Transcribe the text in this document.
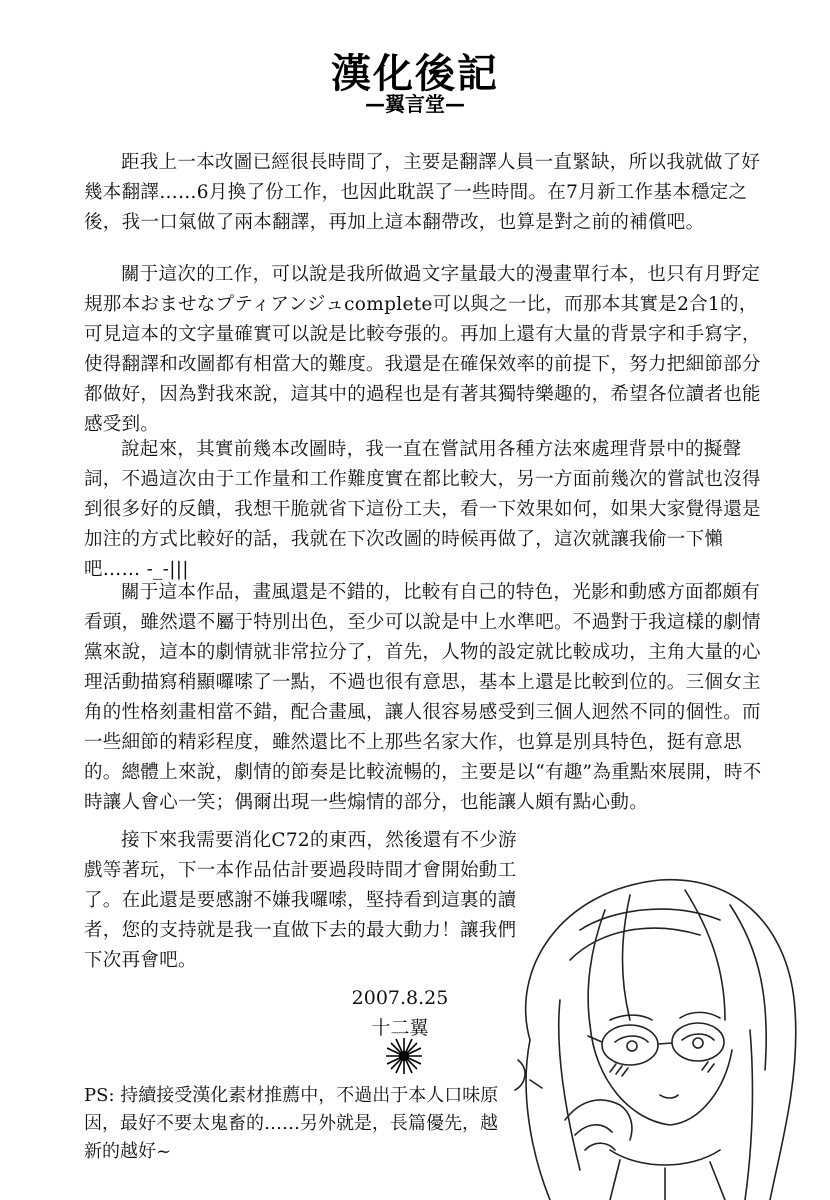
漢化後記
—翼言堂—

距我上一本改圖已經很長時間了，主要是翻譯人員一直緊缺，所以我就做了好幾本翻譯……6月換了份工作，也因此耽誤了一些時間。在7月新工作基本穩定之後，我一口氣做了兩本翻譯，再加上這本翻帶改，也算是對之前的補償吧。

關于這次的工作，可以說是我所做過文字量最大的漫畫單行本，也只有月野定規那本おませなプティアンジュcomplete可以與之一比，而那本其實是2合1的，可見這本的文字量確實可以說是比較夸張的。再加上還有大量的背景字和手寫字，使得翻譯和改圖都有相當大的難度。我還是在確保效率的前提下，努力把細節部分都做好，因為對我來說，這其中的過程也是有著其獨特樂趣的，希望各位讀者也能感受到。

說起來，其實前幾本改圖時，我一直在嘗試用各種方法來處理背景中的擬聲詞，不過這次由于工作量和工作難度實在都比較大，另一方面前幾次的嘗試也沒得到很多好的反饋，我想干脆就省下這份工夫，看一下效果如何，如果大家覺得還是加注的方式比較好的話，我就在下次改圖的時候再做了，這次就讓我偷一下懶吧…… -_-|||

關于這本作品，畫風還是不錯的，比較有自己的特色，光影和動感方面都頗有看頭，雖然還不屬于特別出色，至少可以說是中上水準吧。不過對于我這樣的劇情黨來說，這本的劇情就非常拉分了，首先，人物的設定就比較成功，主角大量的心理活動描寫稍顯囉嗦了一點，不過也很有意思，基本上還是比較到位的。三個女主角的性格刻畫相當不錯，配合畫風，讓人很容易感受到三個人迥然不同的個性。而一些細節的精彩程度，雖然還比不上那些名家大作，也算是別具特色，挺有意思的。總體上來說，劇情的節奏是比較流暢的，主要是以“有趣”為重點來展開，時不時讓人會心一笑；偶爾出現一些煽情的部分，也能讓人頗有點心動。

接下來我需要消化C72的東西，然後還有不少游戲等著玩，下一本作品估計要過段時間才會開始動工了。在此還是要感謝不嫌我囉嗦，堅持看到這裏的讀者，您的支持就是我一直做下去的最大動力！讓我們下次再會吧。

2007.8.25
十二翼

PS: 持續接受漢化素材推薦中，不過出于本人口味原因，最好不要太鬼畜的……另外就是，長篇優先，越新的越好~
